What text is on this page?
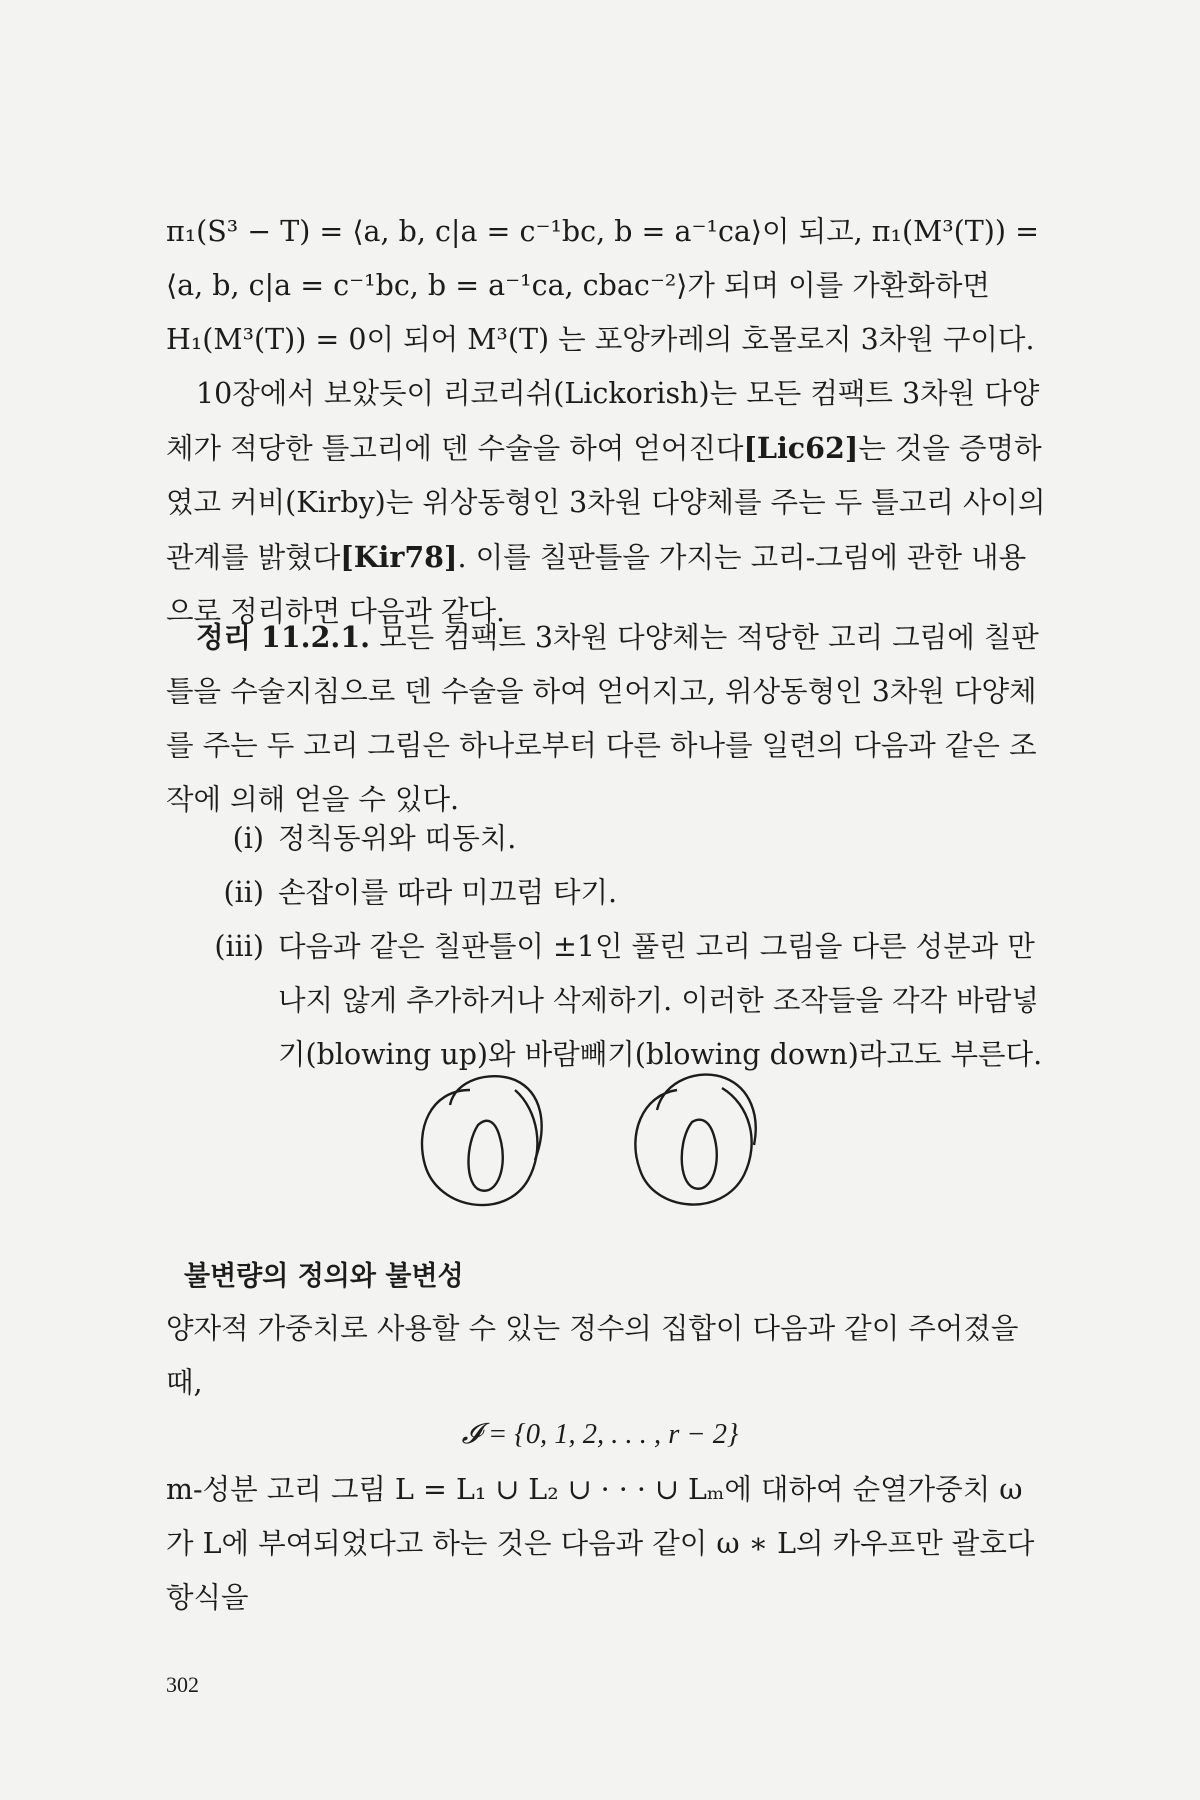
π₁(S³ − T) = ⟨a, b, c|a = c⁻¹bc, b = a⁻¹ca⟩이 되고, π₁(M³(T)) = ⟨a, b, c|a = c⁻¹bc, b = a⁻¹ca, cbac⁻²⟩가 되며 이를 가환화하면 H₁(M³(T)) = 0이 되어 M³(T) 는 포앙카레의 호몰로지 3차원 구이다.
10장에서 보았듯이 리코리쉬(Lickorish)는 모든 컴팩트 3차원 다양체가 적당한 틀고리에 덴 수술을 하여 얻어진다[Lic62]는 것을 증명하였고 커비(Kirby)는 위상동형인 3차원 다양체를 주는 두 틀고리 사이의 관계를 밝혔다[Kir78]. 이를 칠판틀을 가지는 고리-그림에 관한 내용으로 정리하면 다음과 같다.
정리 11.2.1. 모든 컴팩트 3차원 다양체는 적당한 고리 그림에 칠판틀을 수술지침으로 덴 수술을 하여 얻어지고, 위상동형인 3차원 다양체를 주는 두 고리 그림은 하나로부터 다른 하나를 일련의 다음과 같은 조작에 의해 얻을 수 있다.
(i) 정칙동위와 띠동치.
(ii) 손잡이를 따라 미끄럼 타기.
(iii) 다음과 같은 칠판틀이 ±1인 풀린 고리 그림을 다른 성분과 만나지 않게 추가하거나 삭제하기. 이러한 조작들을 각각 바람넣기(blowing up)와 바람빼기(blowing down)라고도 부른다.
불변량의 정의와 불변성
양자적 가중치로 사용할 수 있는 정수의 집합이 다음과 같이 주어졌을 때,
𝓘 = {0, 1, 2, . . . , r − 2}
m-성분 고리 그림 L = L₁ ∪ L₂ ∪ · · · ∪ Lₘ에 대하여 순열가중치 ω가 L에 부여되었다고 하는 것은 다음과 같이 ω ∗ L의 카우프만 괄호다항식을
302
